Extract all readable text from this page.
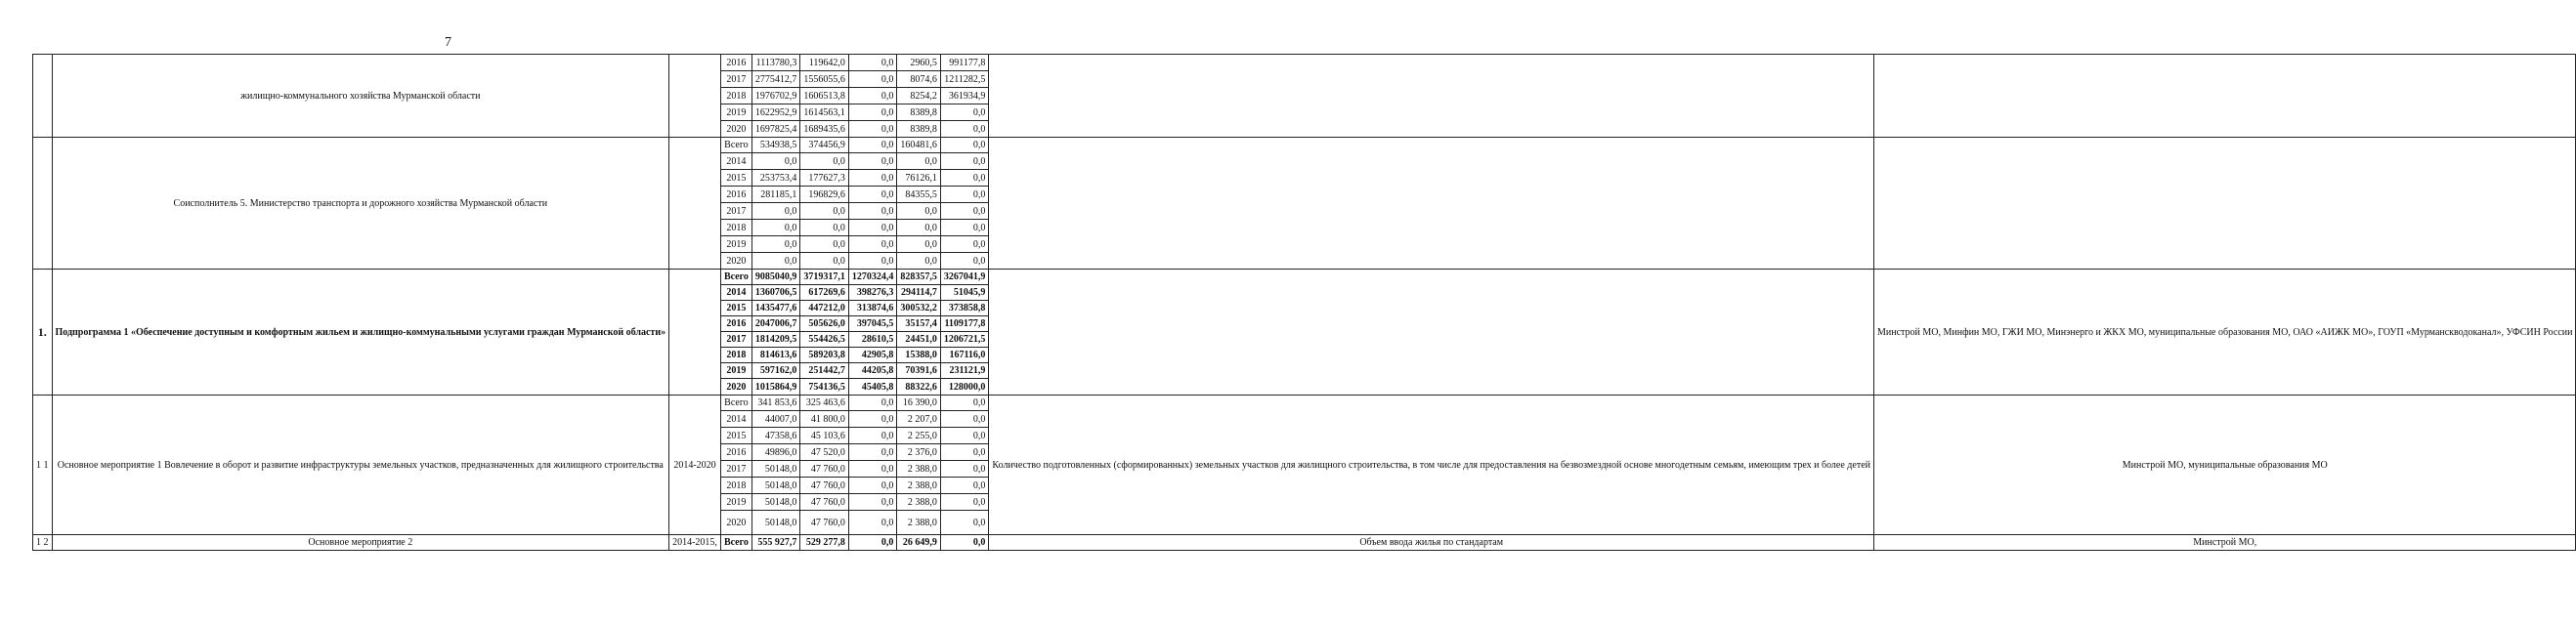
7
	жилищно-коммунального хозяйства Мурманской области		2016	1113780,3	119642,0	0,0	2960,5	991177,8		
			2017	2775412,7	1556055,6	0,0	8074,6	1211282,5		
			2018	1976702,9	1606513,8	0,0	8254,2	361934,9		
			2019	1622952,9	1614563,1	0,0	8389,8	0,0		
			2020	1697825,4	1689435,6	0,0	8389,8	0,0		
	Соисполнитель 5. Министерство транспорта и дорожного хозяйства Мурманской области		Всего	534938,5	374456,9	0,0	160481,6	0,0		
			2014	0,0	0,0	0,0	0,0	0,0		
			2015	253753,4	177627,3	0,0	76126,1	0,0		
			2016	281185,1	196829,6	0,0	84355,5	0,0		
			2017	0,0	0,0	0,0	0,0	0,0		
			2018	0,0	0,0	0,0	0,0	0,0		
			2019	0,0	0,0	0,0	0,0	0,0		
			2020	0,0	0,0	0,0	0,0	0,0		
1.	Подпрограмма 1 «Обеспечение доступным и комфортным жильем и жилищно-коммунальными услугами граждан Мурманской области»		Всего	9085040,9	3719317,1	1270324,4	828357,5	3267041,9		Минстрой МО, Минфин МО, ГЖИ МО, Минэнерго и ЖКХ МО, муниципальные образования МО, ОАО «АИЖК МО», ГОУП «Мурманскводоканал», УФСИН России
			2014	1360706,5	617269,6	398276,3	294114,7	51045,9		
			2015	1435477,6	447212,0	313874,6	300532,2	373858,8		
			2016	2047006,7	505626,0	397045,5	35157,4	1109177,8		
			2017	1814209,5	554426,5	28610,5	24451,0	1206721,5		
			2018	814613,6	589203,8	42905,8	15388,0	167116,0		
			2019	597162,0	251442,7	44205,8	70391,6	231121,9		
			2020	1015864,9	754136,5	45405,8	88322,6	128000,0		
1 1	Основное мероприятие 1 Вовлечение в оборот и развитие инфраструктуры земельных участков, предназначенных для жилищного строительства	2014-2020	Всего	341 853,6	325 463,6	0,0	16 390,0	0,0	Количество подготовленных (сформированных) земельных участков для жилищного строительства, в том числе для предоставления на безвозмездной основе многодетным семьям, имеющим трех и более детей	Минстрой МО, муниципальные образования МО
			2014	44007,0	41 800,0	0,0	2 207,0	0,0		
			2015	47358,6	45 103,6	0,0	2 255,0	0,0		
			2016	49896,0	47 520,0	0,0	2 376,0	0,0		
			2017	50148,0	47 760,0	0,0	2 388,0	0,0		
			2018	50148,0	47 760,0	0,0	2 388,0	0,0		
			2019	50148,0	47 760,0	0,0	2 388,0	0,0		
			2020	50148,0	47 760,0	0,0	2 388,0	0,0		
1 2	Основное мероприятие 2	2014-2015,	Всего	555 927,7	529 277,8	0,0	26 649,9	0,0	Объем ввода жилья по стандартам	Минстрой МО,
